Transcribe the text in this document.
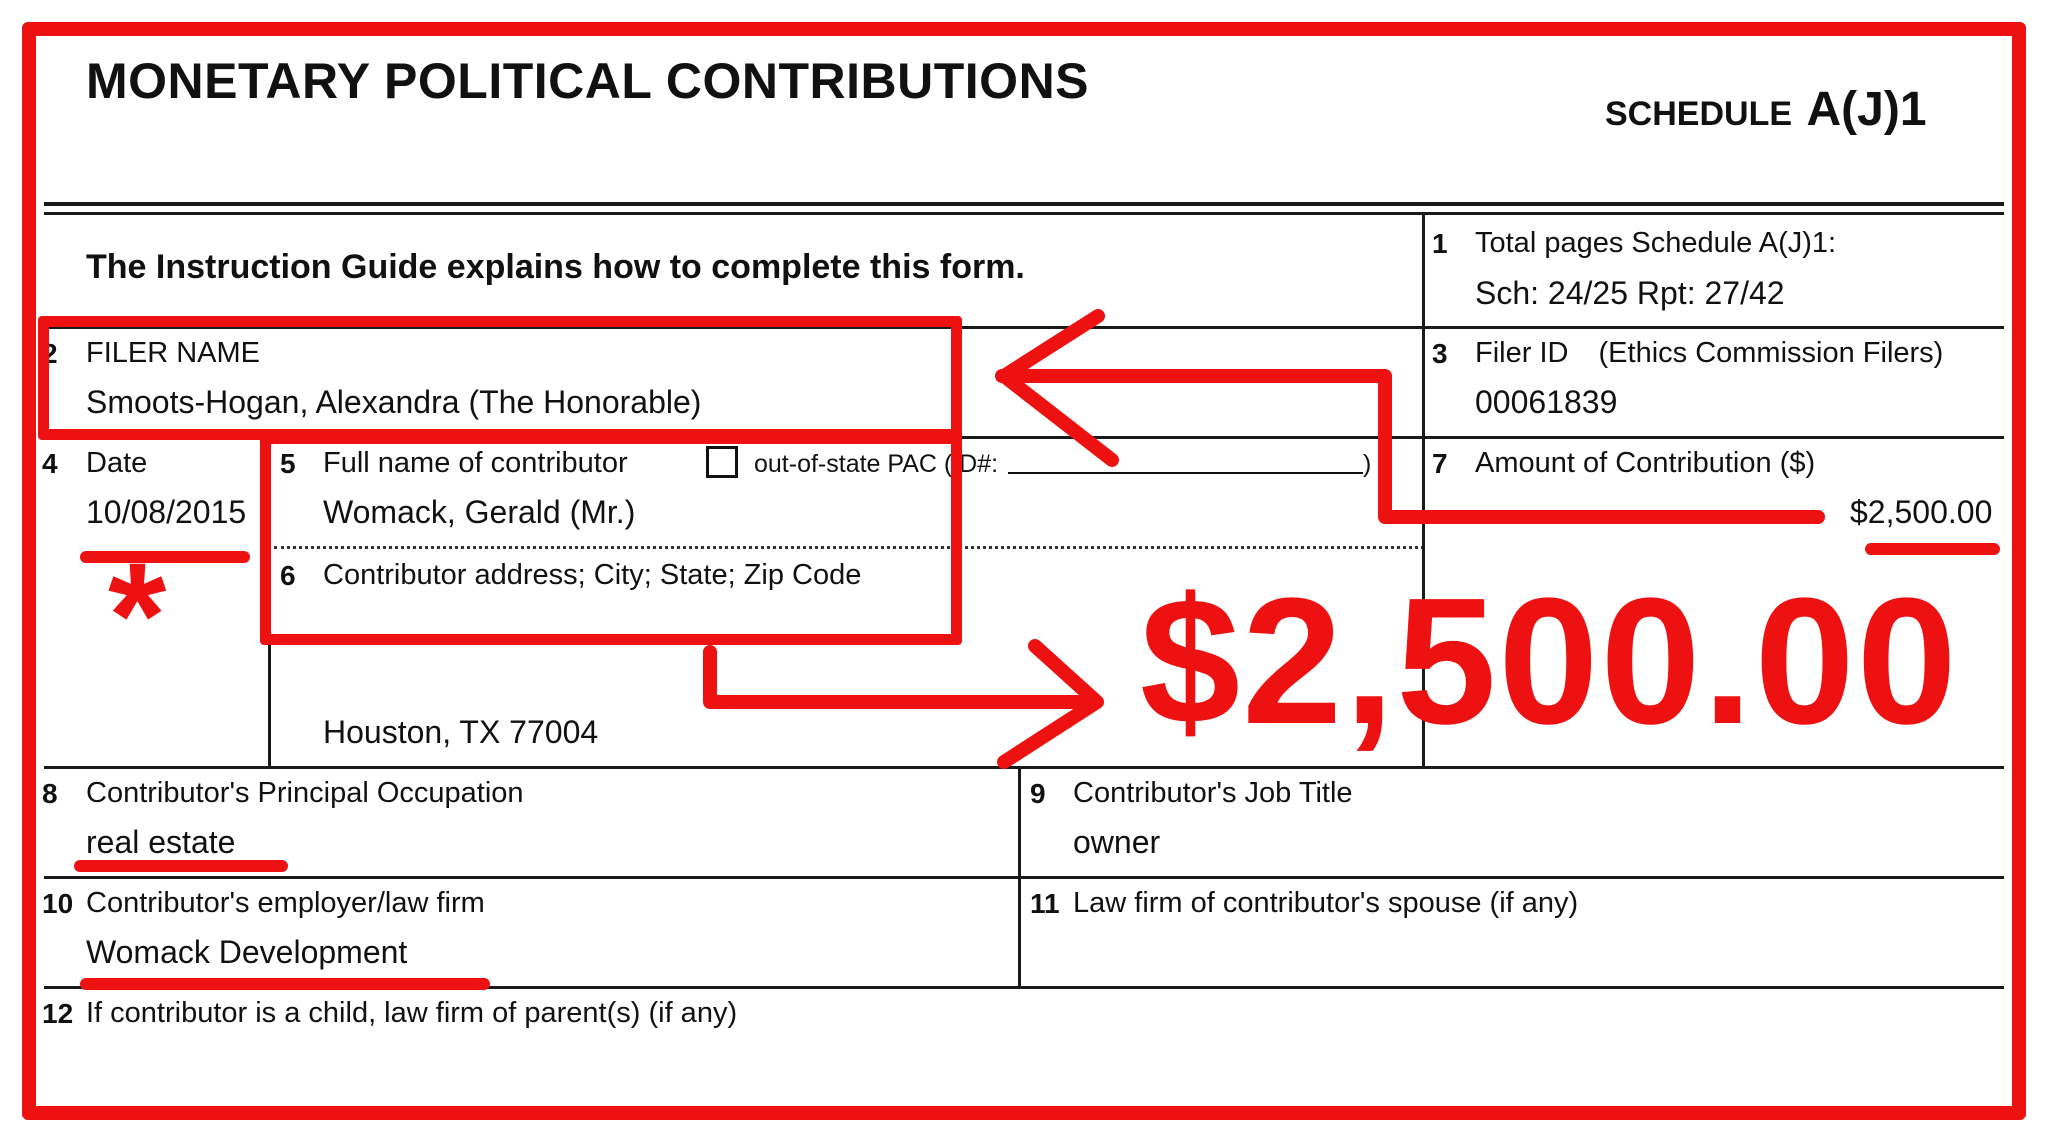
MONETARY POLITICAL CONTRIBUTIONS
SCHEDULE A(J)1
The Instruction Guide explains how to complete this form.
1 Total pages Schedule A(J)1:
Sch: 24/25 Rpt: 27/42
2 FILER NAME
Smoots-Hogan, Alexandra (The Honorable)
3 Filer ID (Ethics Commission Filers)
00061839
4 Date
10/08/2015
5 Full name of contributor	out-of-state PAC (ID#:	)
Womack, Gerald (Mr.)
6 Contributor address; City; State; Zip Code
Houston, TX 77004
7 Amount of Contribution ($)
$2,500.00
8 Contributor's Principal Occupation
real estate
9 Contributor's Job Title
owner
10 Contributor's employer/law firm
Womack Development
11 Law firm of contributor's spouse (if any)
12 If contributor is a child, law firm of parent(s) (if any)
*	$2,500.00
